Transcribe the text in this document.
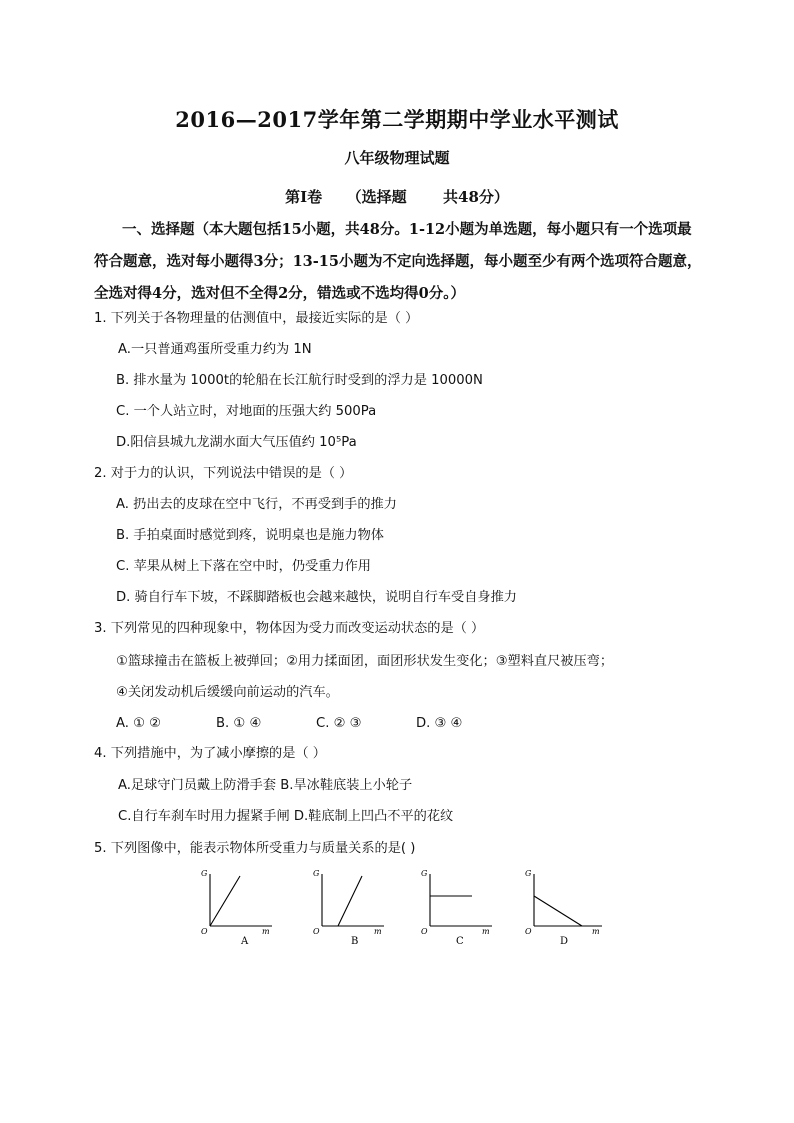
2016—2017学年第二学期期中学业水平测试
八年级物理试题
第Ⅰ卷 （选择题 共48分）
一、选择题（本大题包括15小题，共48分。1-12小题为单选题，每小题只有一个选项最符合题意，选对每小题得3分；13-15小题为不定向选择题，每小题至少有两个选项符合题意，全选对得4分，选对但不全得2分，错选或不选均得0分。）
1. 下列关于各物理量的估测值中，最接近实际的是（ ）
A.一只普通鸡蛋所受重力约为 1N
B. 排水量为 1000t的轮船在长江航行时受到的浮力是 10000N
C. 一个人站立时，对地面的压强大约 500Pa
D.阳信县城九龙湖水面大气压值约 10⁵Pa
2. 对于力的认识，下列说法中错误的是（ ）
A. 扔出去的皮球在空中飞行，不再受到手的推力
B. 手拍桌面时感觉到疼，说明桌也是施力物体
C. 苹果从树上下落在空中时，仍受重力作用
D. 骑自行车下坡，不踩脚踏板也会越来越快，说明自行车受自身推力
3. 下列常见的四种现象中，物体因为受力而改变运动状态的是（ ）
①篮球撞击在篮板上被弹回；②用力揉面团，面团形状发生变化；③塑料直尺被压弯；
④关闭发动机后缓缓向前运动的汽车。
A. ① ②	B. ① ④	C. ② ③	D. ③ ④
4. 下列措施中，为了减小摩擦的是（ ）
A.足球守门员戴上防滑手套 B.旱冰鞋底装上小轮子
C.自行车刹车时用力握紧手闸 D.鞋底制上凹凸不平的花纹
5. 下列图像中，能表示物体所受重力与质量关系的是( )
G
O	m
A
G
O	m
B
G
O	m
C
G
O	m
D
